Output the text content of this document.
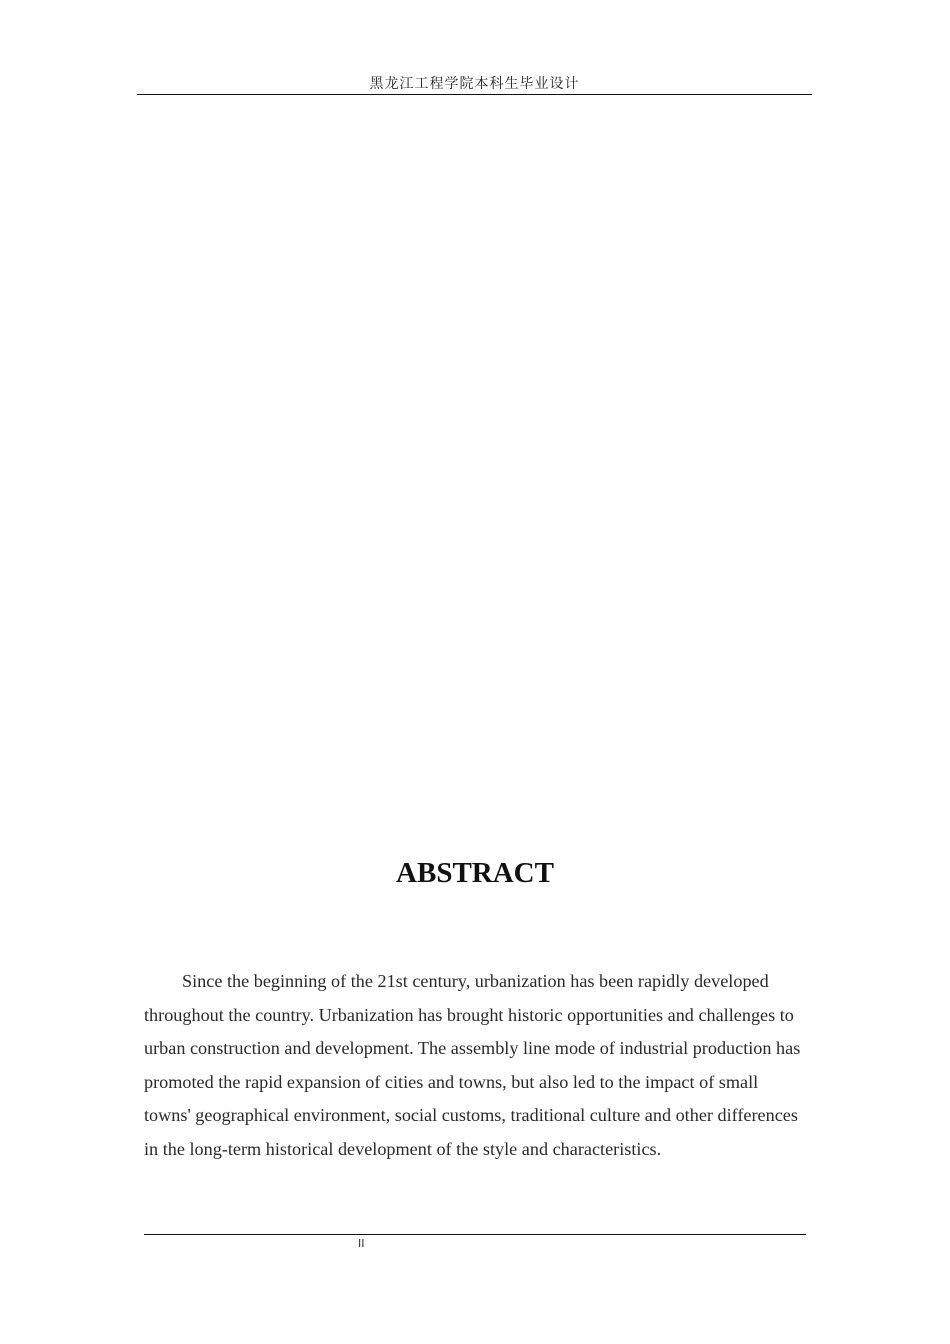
黑龙江工程学院本科生毕业设计
ABSTRACT

Since the beginning of the 21st century, urbanization has been rapidly developed throughout the country. Urbanization has brought historic opportunities and challenges to urban construction and development. The assembly line mode of industrial production has promoted the rapid expansion of cities and towns, but also led to the impact of small towns' geographical environment, social customs, traditional culture and other differences in the long-term historical development of the style and characteristics.

II
